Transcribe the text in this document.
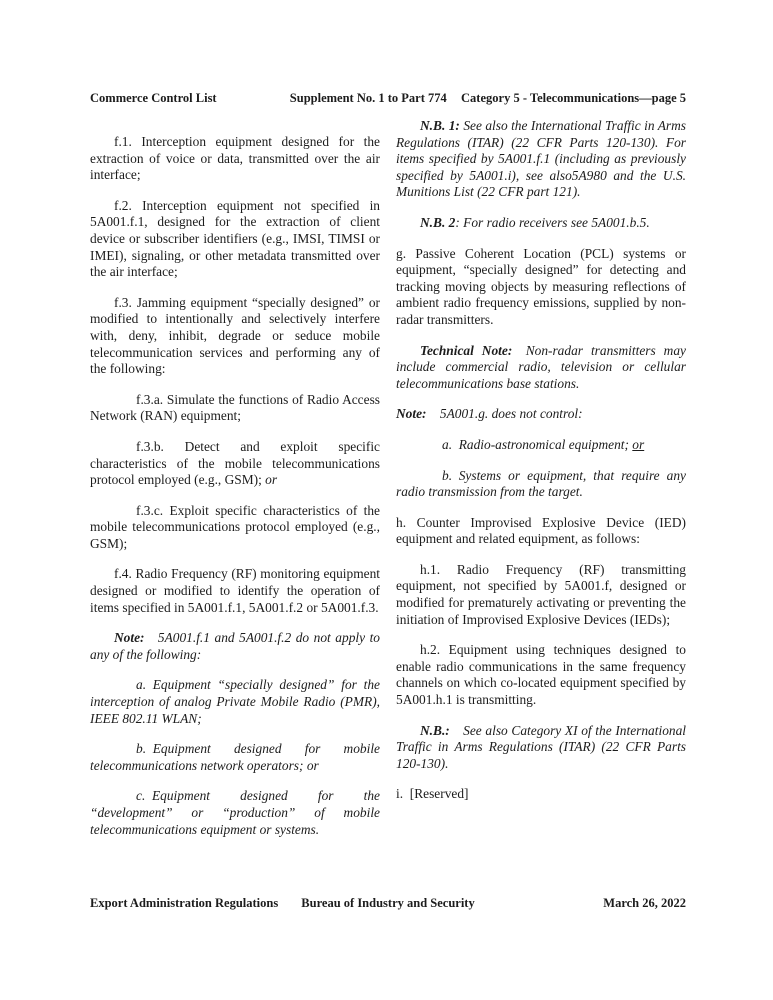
Commerce Control List	Supplement No. 1 to Part 774	Category 5 - Telecommunications—page 5

f.1. Interception equipment designed for the extraction of voice or data, transmitted over the air interface;

f.2. Interception equipment not specified in 5A001.f.1, designed for the extraction of client device or subscriber identifiers (e.g., IMSI, TIMSI or IMEI), signaling, or other metadata transmitted over the air interface;

f.3. Jamming equipment “specially designed” or modified to intentionally and selectively interfere with, deny, inhibit, degrade or seduce mobile telecommunication services and performing any of the following:

f.3.a. Simulate the functions of Radio Access Network (RAN) equipment;

f.3.b. Detect and exploit specific characteristics of the mobile telecommunications protocol employed (e.g., GSM); or

f.3.c. Exploit specific characteristics of the mobile telecommunications protocol employed (e.g., GSM);

f.4. Radio Frequency (RF) monitoring equipment designed or modified to identify the operation of items specified in 5A001.f.1, 5A001.f.2 or 5A001.f.3.

Note: 5A001.f.1 and 5A001.f.2 do not apply to any of the following:

a. Equipment “specially designed” for the interception of analog Private Mobile Radio (PMR), IEEE 802.11 WLAN;

b. Equipment designed for mobile telecommunications network operators; or

c. Equipment designed for the “development” or “production” of mobile telecommunications equipment or systems.

N.B. 1: See also the International Traffic in Arms Regulations (ITAR) (22 CFR Parts 120-130). For items specified by 5A001.f.1 (including as previously specified by 5A001.i), see also5A980 and the U.S. Munitions List (22 CFR part 121).

N.B. 2: For radio receivers see 5A001.b.5.

g. Passive Coherent Location (PCL) systems or equipment, “specially designed” for detecting and tracking moving objects by measuring reflections of ambient radio frequency emissions, supplied by non-radar transmitters.

Technical Note: Non-radar transmitters may include commercial radio, television or cellular telecommunications base stations.

Note: 5A001.g. does not control:

a. Radio-astronomical equipment; or

b. Systems or equipment, that require any radio transmission from the target.

h. Counter Improvised Explosive Device (IED) equipment and related equipment, as follows:

h.1. Radio Frequency (RF) transmitting equipment, not specified by 5A001.f, designed or modified for prematurely activating or preventing the initiation of Improvised Explosive Devices (IEDs);

h.2. Equipment using techniques designed to enable radio communications in the same frequency channels on which co-located equipment specified by 5A001.h.1 is transmitting.

N.B.: See also Category XI of the International Traffic in Arms Regulations (ITAR) (22 CFR Parts 120-130).

i. [Reserved]

Export Administration Regulations	Bureau of Industry and Security	March 26, 2022
